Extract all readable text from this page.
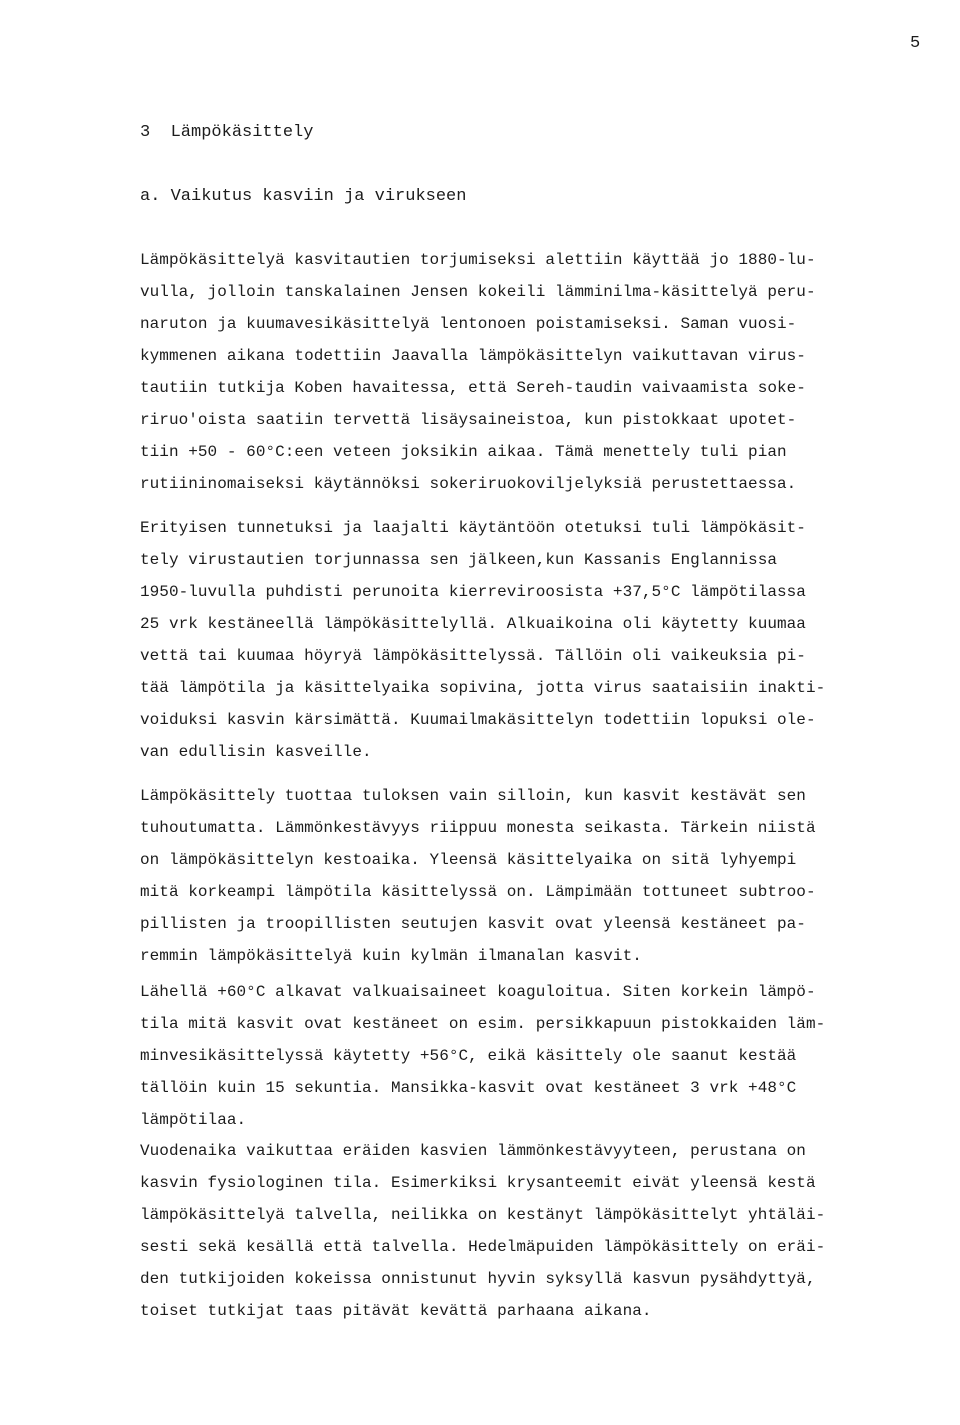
5
3  Lämpökäsittely
a. Vaikutus kasviin ja virukseen
Lämpökäsittelyä kasvitautien torjumiseksi alettiin käyttää jo 1880-lu-
vulla, jolloin tanskalainen Jensen kokeili lämminilma-käsittelyä peru-
naruton ja kuumavesikäsittelyä lentonoen poistamiseksi. Saman vuosi-
kymmenen aikana todettiin Jaavalla lämpökäsittelyn vaikuttavan virus-
tautiin tutkija Koben havaitessa, että Sereh-taudin vaivaamista soke-
riruo'oista saatiin tervettä lisäysaineistoa, kun pistokkaat upotet-
tiin +50 - 60°C:een veteen joksikin aikaa. Tämä menettely tuli pian
rutiininomaiseksi käytännöksi sokeriruokoviljelyksiä perustettaessa.
Erityisen tunnetuksi ja laajalti käytäntöön otetuksi tuli lämpökäsit-
tely virustautien torjunnassa sen jälkeen,kun Kassanis Englannissa
1950-luvulla puhdisti perunoita kierreviroosista +37,5°C lämpötilassa
25 vrk kestäneellä lämpökäsittelyllä. Alkuaikoina oli käytetty kuumaa
vettä tai kuumaa höyryä lämpökäsittelyssä. Tällöin oli vaikeuksia pi-
tää lämpötila ja käsittelyaika sopivina, jotta virus saataisiin inakti-
voiduksi kasvin kärsimättä. Kuumailmakäsittelyn todettiin lopuksi ole-
van edullisin kasveille.
Lämpökäsittely tuottaa tuloksen vain silloin, kun kasvit kestävät sen
tuhoutumatta. Lämmönkestävyys riippuu monesta seikasta. Tärkein niistä
on lämpökäsittelyn kestoaika. Yleensä käsittelyaika on sitä lyhyempi
mitä korkeampi lämpötila käsittelyssä on. Lämpimään tottuneet subtroo-
pillisten ja troopillisten seutujen kasvit ovat yleensä kestäneet pa-
remmin lämpökäsittelyä kuin kylmän ilmanalan kasvit.
Lähellä +60°C alkavat valkuaisaineet koaguloitua. Siten korkein lämpö-
tila mitä kasvit ovat kestäneet on esim. persikkapuun pistokkaiden läm-
minvesikäsittelyssä käytetty +56°C, eikä käsittely ole saanut kestää
tällöin kuin 15 sekuntia. Mansikka-kasvit ovat kestäneet 3 vrk +48°C
lämpötilaa.
Vuodenaika vaikuttaa eräiden kasvien lämmönkestävyyteen, perustana on
kasvin fysiologinen tila. Esimerkiksi krysanteemit eivät yleensä kestä
lämpökäsittelyä talvella, neilikka on kestänyt lämpökäsittelyt yhtäläi-
sesti sekä kesällä että talvella. Hedelmäpuiden lämpökäsittely on eräi-
den tutkijoiden kokeissa onnistunut hyvin syksyllä kasvun pysähdyttyä,
toiset tutkijat taas pitävät kevättä parhaana aikana.
